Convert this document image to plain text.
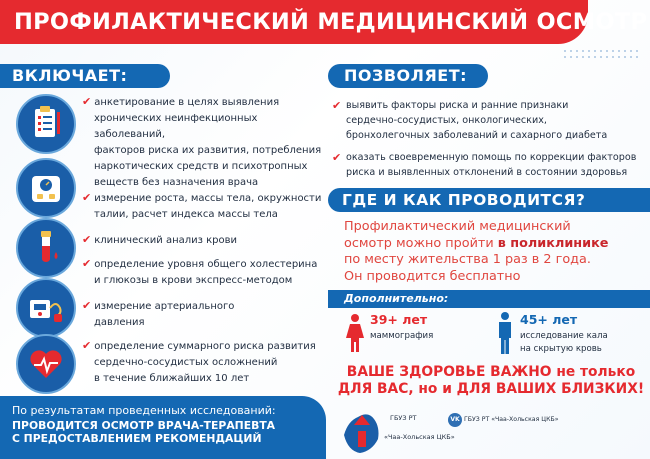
ПРОФИЛАКТИЧЕСКИЙ МЕДИЦИНСКИЙ ОСМОТР
ВКЛЮЧАЕТ:
✔ анкетирование в целях выявления
хронических неинфекционных заболеваний,
факторов риска их развития, потребления
наркотических средств и психотропных
веществ без назначения врача
✔ измерение роста, массы тела, окружности
талии, расчет индекса массы тела
✔ клинический анализ крови
✔ определение уровня общего холестерина
и глюкозы в крови экспресс-методом
✔ измерение артериального
давления
✔ определение суммарного риска развития
сердечно-сосудистых осложнений
в течение ближайших 10 лет
ПОЗВОЛЯЕТ:
✔ выявить факторы риска и ранние признаки
сердечно-сосудистых, онкологических,
бронхолегочных заболеваний и сахарного диабета
✔ оказать своевременную помощь по коррекции факторов
риска и выявленных отклонений в состоянии здоровья
ГДЕ И КАК ПРОВОДИТСЯ?
Профилактический медицинский
осмотр можно пройти в поликлинике
по месту жительства 1 раз в 2 года.
Он проводится бесплатно
Дополнительно:
39+ лет
маммография
45+ лет
исследование кала
на скрытую кровь
ВАШЕ ЗДОРОВЬЕ ВАЖНО не только
ДЛЯ ВАС, но и ДЛЯ ВАШИХ БЛИЗКИХ!
По результатам проведенных исследований:
ПРОВОДИТСЯ ОСМОТР ВРАЧА-ТЕРАПЕВТА
С ПРЕДОСТАВЛЕНИЕМ РЕКОМЕНДАЦИЙ
ГБУЗ РТ
«Чаа-Хольская ЦКБ»
VK ГБУЗ РТ «Чаа-Хольская ЦКБ»
